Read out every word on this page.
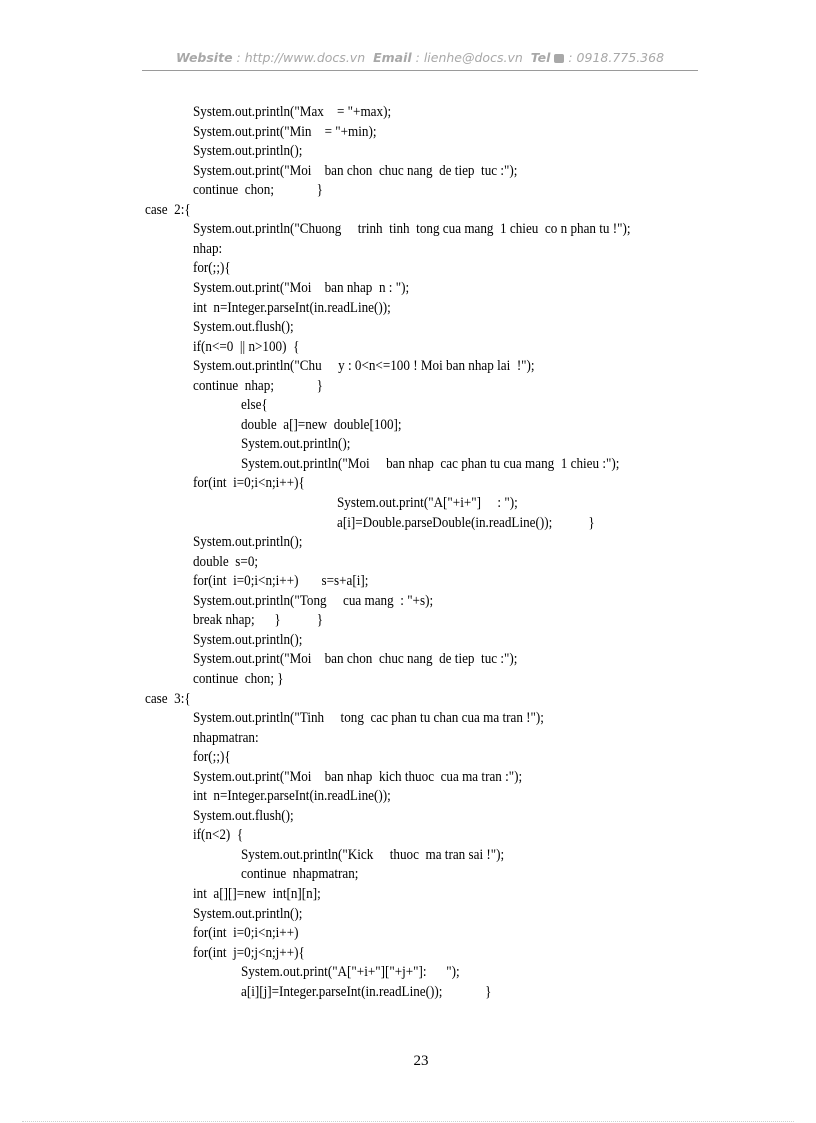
Website : http://www.docs.vn Email : lienhe@docs.vn Tel : 0918.775.368
System.out.println("Max    = "+max);
System.out.print("Min    = "+min);
System.out.println();
System.out.print("Moi    ban chon  chuc nang  de tiep  tuc :");
continue  chon;             }
case  2:{
System.out.println("Chuong     trinh  tinh  tong cua mang  1 chieu  co n phan tu !");
nhap:
for(;;){
System.out.print("Moi    ban nhap  n : ");
int  n=Integer.parseInt(in.readLine());
System.out.flush();
if(n<=0  || n>100)  {
System.out.println("Chu     y : 0<n<=100 ! Moi ban nhap lai  !");
continue  nhap;             }
else{
double  a[]=new  double[100];
System.out.println();
System.out.println("Moi     ban nhap  cac phan tu cua mang  1 chieu :");
for(int  i=0;i<n;i++){
System.out.print("A["+i+"]     : ");
a[i]=Double.parseDouble(in.readLine());           }
System.out.println();
double  s=0;
for(int  i=0;i<n;i++)       s=s+a[i];
System.out.println("Tong     cua mang  : "+s);
break nhap;      }           }
System.out.println();
System.out.print("Moi    ban chon  chuc nang  de tiep  tuc :");
continue  chon; }
case  3:{
System.out.println("Tinh     tong  cac phan tu chan cua ma tran !");
nhapmatran:
for(;;){
System.out.print("Moi    ban nhap  kich thuoc  cua ma tran :");
int  n=Integer.parseInt(in.readLine());
System.out.flush();
if(n<2)  {
System.out.println("Kick     thuoc  ma tran sai !");
continue  nhapmatran;
int  a[][]=new  int[n][n];
System.out.println();
for(int  i=0;i<n;i++)
for(int  j=0;j<n;j++){
System.out.print("A["+i+"]["+j+"]:      ");
a[i][j]=Integer.parseInt(in.readLine());             }
23
